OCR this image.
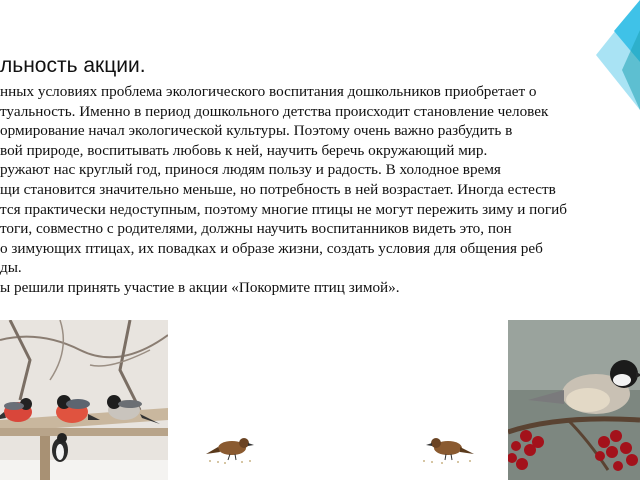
льность акции.
нных условиях проблема экологического воспитания дошкольников приобретает о
туальность. Именно в период дошкольного детства происходит становление человек
ормирование начал экологической культуры. Поэтому очень важно разбудить в
вой природе, воспитывать любовь к ней, научить беречь окружающий мир.
ружают нас круглый год, принося людям пользу и радость. В холодное время
щи становится значительно меньше, но потребность в ней возрастает. Иногда естеств
тся практически недоступным, поэтому многие птицы не могут пережить зиму и погиб
тоги, совместно с родителями, должны научить воспитанников видеть это, пон
о зимующих птицах, их повадках и образе жизни, создать условия для общения реб
ды.
ы решили принять участие в акции «Покормите птиц зимой».
